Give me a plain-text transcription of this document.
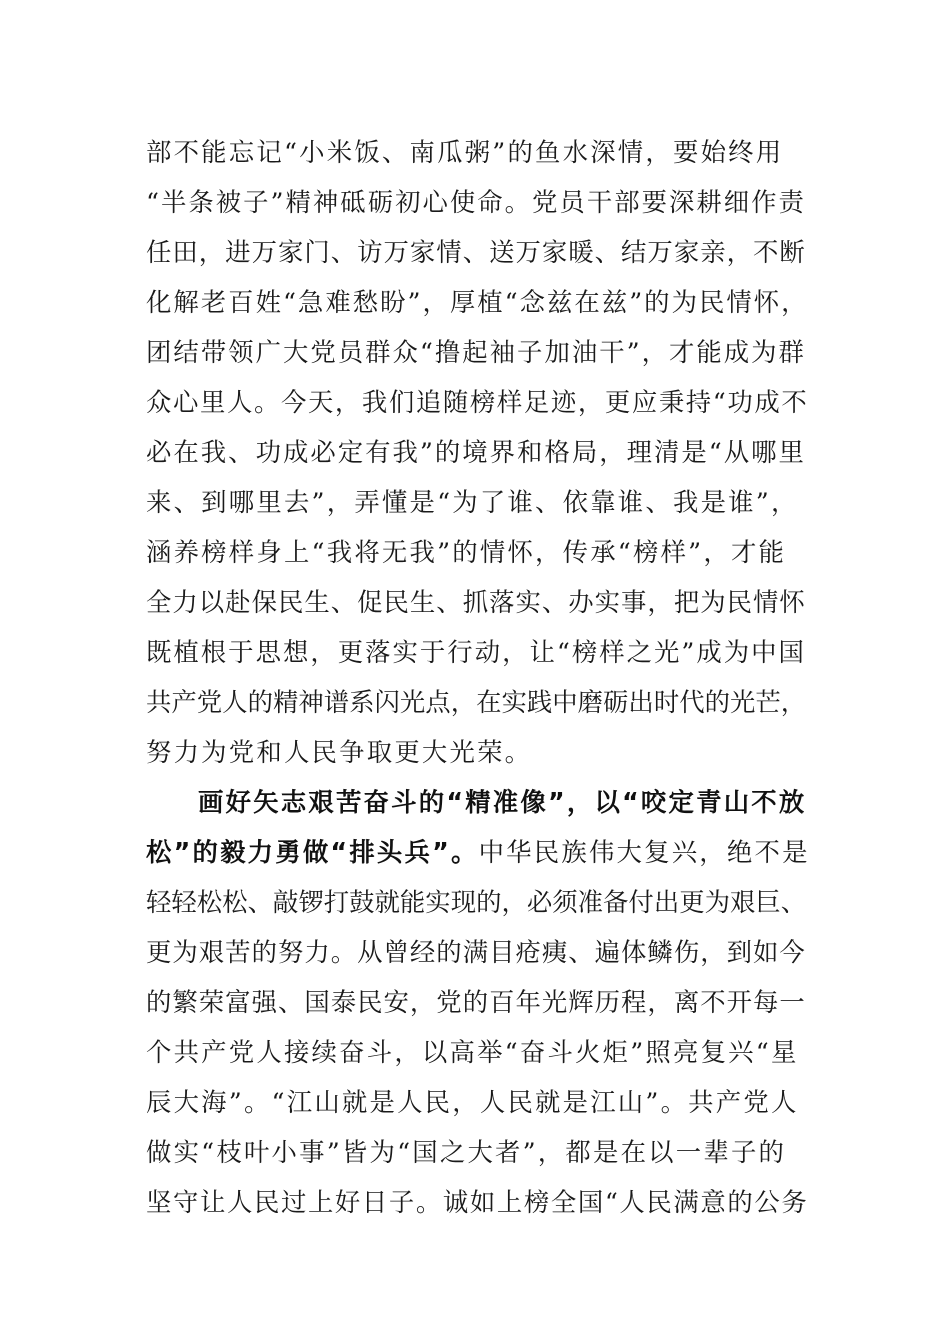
部不能忘记“小米饭、南瓜粥”的鱼水深情，要始终用
“半条被子”精神砥砺初心使命。党员干部要深耕细作责
任田，进万家门、访万家情、送万家暖、结万家亲，不断
化解老百姓“急难愁盼”，厚植“念兹在兹”的为民情怀，
团结带领广大党员群众“撸起袖子加油干”，才能成为群
众心里人。今天，我们追随榜样足迹，更应秉持“功成不
必在我、功成必定有我”的境界和格局，理清是“从哪里
来、到哪里去”，弄懂是“为了谁、依靠谁、我是谁”，
涵养榜样身上“我将无我”的情怀，传承“榜样”，才能
全力以赴保民生、促民生、抓落实、办实事，把为民情怀
既植根于思想，更落实于行动，让“榜样之光”成为中国
共产党人的精神谱系闪光点，在实践中磨砺出时代的光芒，
努力为党和人民争取更大光荣。
画好矢志艰苦奋斗的“精准像”，以“咬定青山不放
松”的毅力勇做“排头兵”。中华民族伟大复兴，绝不是
轻轻松松、敲锣打鼓就能实现的，必须准备付出更为艰巨、
更为艰苦的努力。从曾经的满目疮痍、遍体鳞伤，到如今
的繁荣富强、国泰民安，党的百年光辉历程，离不开每一
个共产党人接续奋斗，以高举“奋斗火炬”照亮复兴“星
辰大海”。“江山就是人民，人民就是江山”。共产党人
做实“枝叶小事”皆为“国之大者”，都是在以一辈子的
坚守让人民过上好日子。诚如上榜全国“人民满意的公务
